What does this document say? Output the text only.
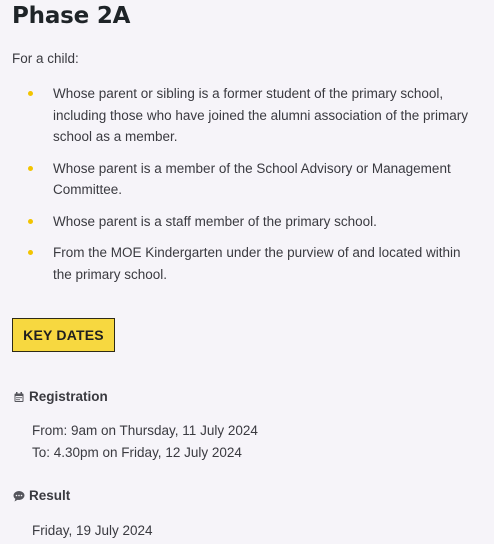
Phase 2A
For a child:
Whose parent or sibling is a former student of the primary school, including those who have joined the alumni association of the primary school as a member.
Whose parent is a member of the School Advisory or Management Committee.
Whose parent is a staff member of the primary school.
From the MOE Kindergarten under the purview of and located within the primary school.
KEY DATES
Registration
From: 9am on Thursday, 11 July 2024
To: 4.30pm on Friday, 12 July 2024
Result
Friday, 19 July 2024
